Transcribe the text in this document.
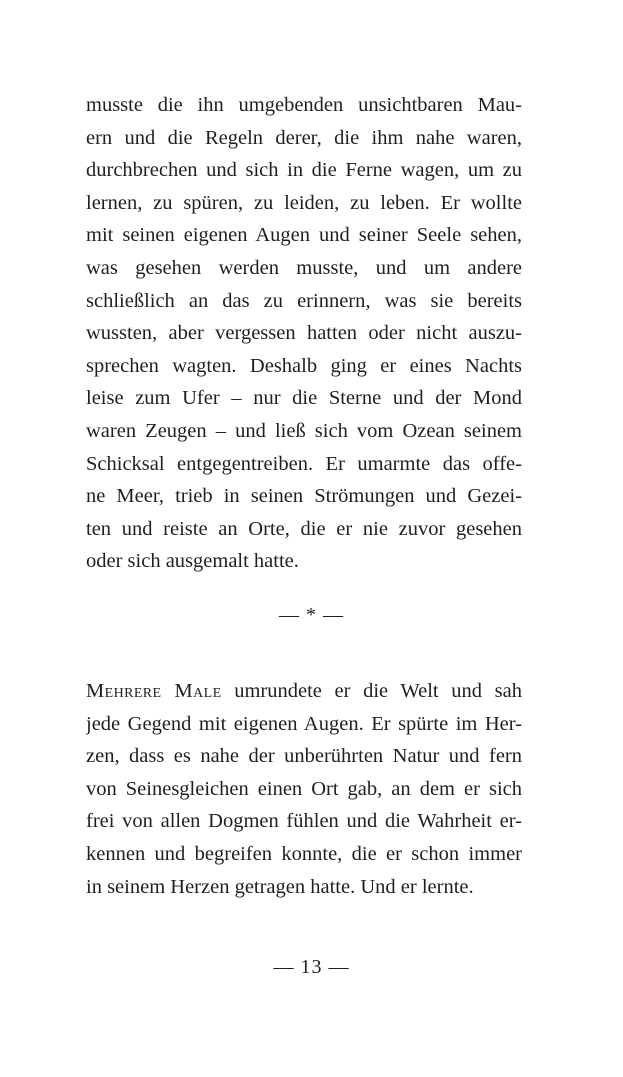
musste die ihn umgebenden unsichtbaren Mau-
ern und die Regeln derer, die ihm nahe waren,
durchbrechen und sich in die Ferne wagen, um zu
lernen, zu spüren, zu leiden, zu leben. Er wollte
mit seinen eigenen Augen und seiner Seele sehen,
was gesehen werden musste, und um andere
schließlich an das zu erinnern, was sie bereits
wussten, aber vergessen hatten oder nicht auszu-
sprechen wagten. Deshalb ging er eines Nachts
leise zum Ufer – nur die Sterne und der Mond
waren Zeugen – und ließ sich vom Ozean seinem
Schicksal entgegentreiben. Er umarmte das offe-
ne Meer, trieb in seinen Strömungen und Gezei-
ten und reiste an Orte, die er nie zuvor gesehen
oder sich ausgemalt hatte.
— * —
Mehrere Male umrundete er die Welt und sah
jede Gegend mit eigenen Augen. Er spürte im Her-
zen, dass es nahe der unberührten Natur und fern
von Seinesgleichen einen Ort gab, an dem er sich
frei von allen Dogmen fühlen und die Wahrheit er-
kennen und begreifen konnte, die er schon immer
in seinem Herzen getragen hatte. Und er lernte.
— 13 —
